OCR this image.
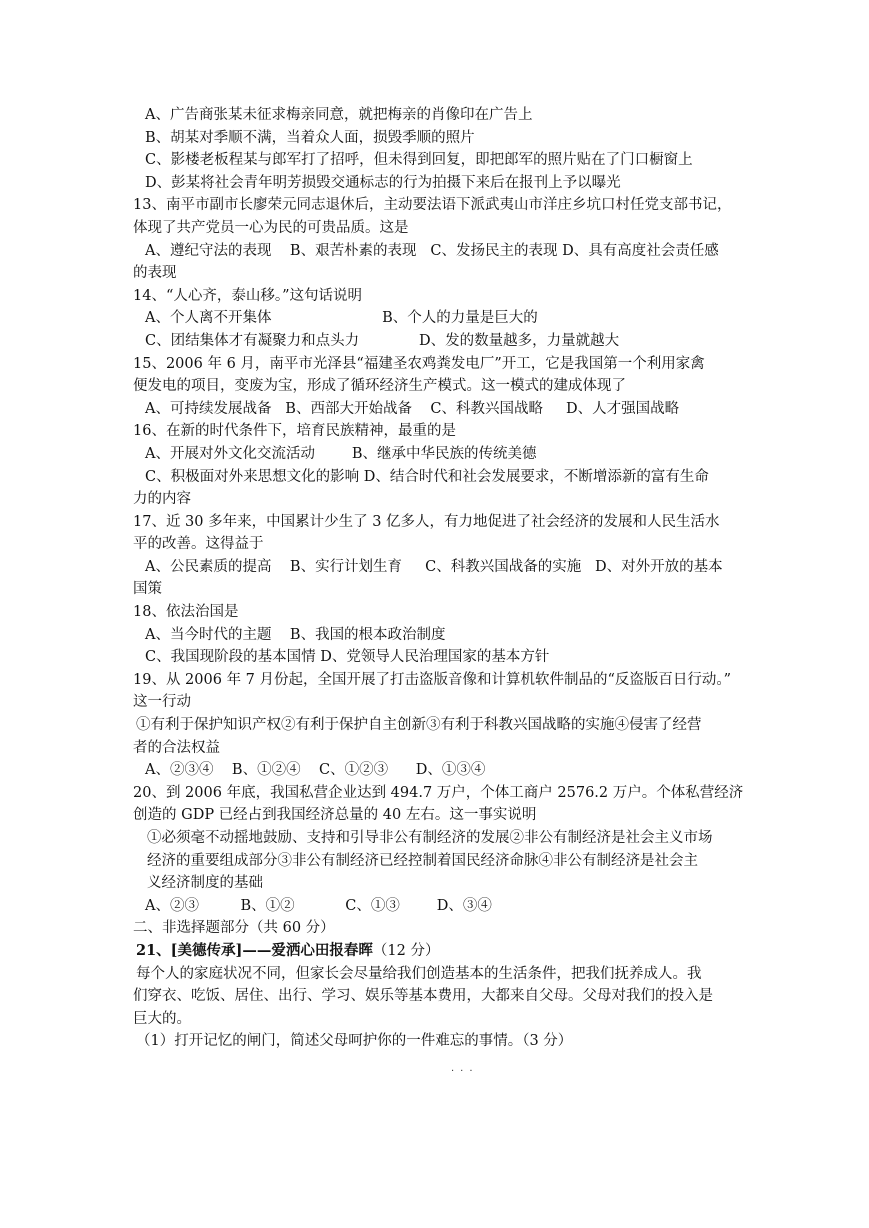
A、广告商张某未征求梅亲同意，就把梅亲的肖像印在广告上
B、胡某对季顺不满，当着众人面，损毁季顺的照片
C、影楼老板程某与郎军打了招呼，但未得到回复，即把郎军的照片贴在了门口橱窗上
D、彭某将社会青年明芳损毁交通标志的行为拍摄下来后在报刊上予以曝光
13、南平市副市长廖荣元同志退休后，主动要法语下派武夷山市洋庄乡坑口村任党支部书记，
体现了共产党员一心为民的可贵品质。这是
A、遵纪守法的表现    B、艰苦朴素的表现   C、发扬民主的表现 D、具有高度社会责任感
的表现
14、“人心齐，泰山移。”这句话说明
A、个人离不开集体                        B、个人的力量是巨大的
C、团结集体才有凝聚力和点头力             D、发的数量越多，力量就越大
15、2006 年 6 月，南平市光泽县“福建圣农鸡粪发电厂”开工，它是我国第一个利用家禽
便发电的项目，变废为宝，形成了循环经济生产模式。这一模式的建成体现了
A、可持续发展战备   B、西部大开始战备    C、科教兴国战略     D、人才强国战略
16、在新的时代条件下，培育民族精神，最重的是
A、开展对外文化交流活动        B、继承中华民族的传统美德
C、积极面对外来思想文化的影响 D、结合时代和社会发展要求，不断增添新的富有生命
力的内容
17、近 30 多年来，中国累计少生了 3 亿多人，有力地促进了社会经济的发展和人民生活水
平的改善。这得益于
A、公民素质的提高    B、实行计划生育     C、科教兴国战备的实施   D、对外开放的基本
国策
18、依法治国是
A、当今时代的主题    B、我国的根本政治制度
C、我国现阶段的基本国情 D、党领导人民治理国家的基本方针
19、从 2006 年 7 月份起，全国开展了打击盗版音像和计算机软件制品的“反盗版百日行动。”
这一行动
①有利于保护知识产权②有利于保护自主创新③有利于科教兴国战略的实施④侵害了经营
者的合法权益
A、②③④    B、①②④    C、①②③      D、①③④
20、到 2006 年底，我国私营企业达到 494.7 万户，个体工商户 2576.2 万户。个体私营经济
创造的 GDP 已经占到我国经济总量的 40 左右。这一事实说明
①必须毫不动摇地鼓励、支持和引导非公有制经济的发展②非公有制经济是社会主义市场
经济的重要组成部分③非公有制经济已经控制着国民经济命脉④非公有制经济是社会主
义经济制度的基础
A、②③         B、①②           C、①③        D、③④
二、非选择题部分（共 60 分）
21、[美德传承]——爱洒心田报春晖（12 分）
每个人的家庭状况不同，但家长会尽量给我们创造基本的生活条件，把我们抚养成人。我
们穿衣、吃饭、居住、出行、学习、娱乐等基本费用，大都来自父母。父母对我们的投入是
巨大的。
（1）打开记忆的闸门，简述父母呵护你的一件难忘的事情。（3 分）
···
